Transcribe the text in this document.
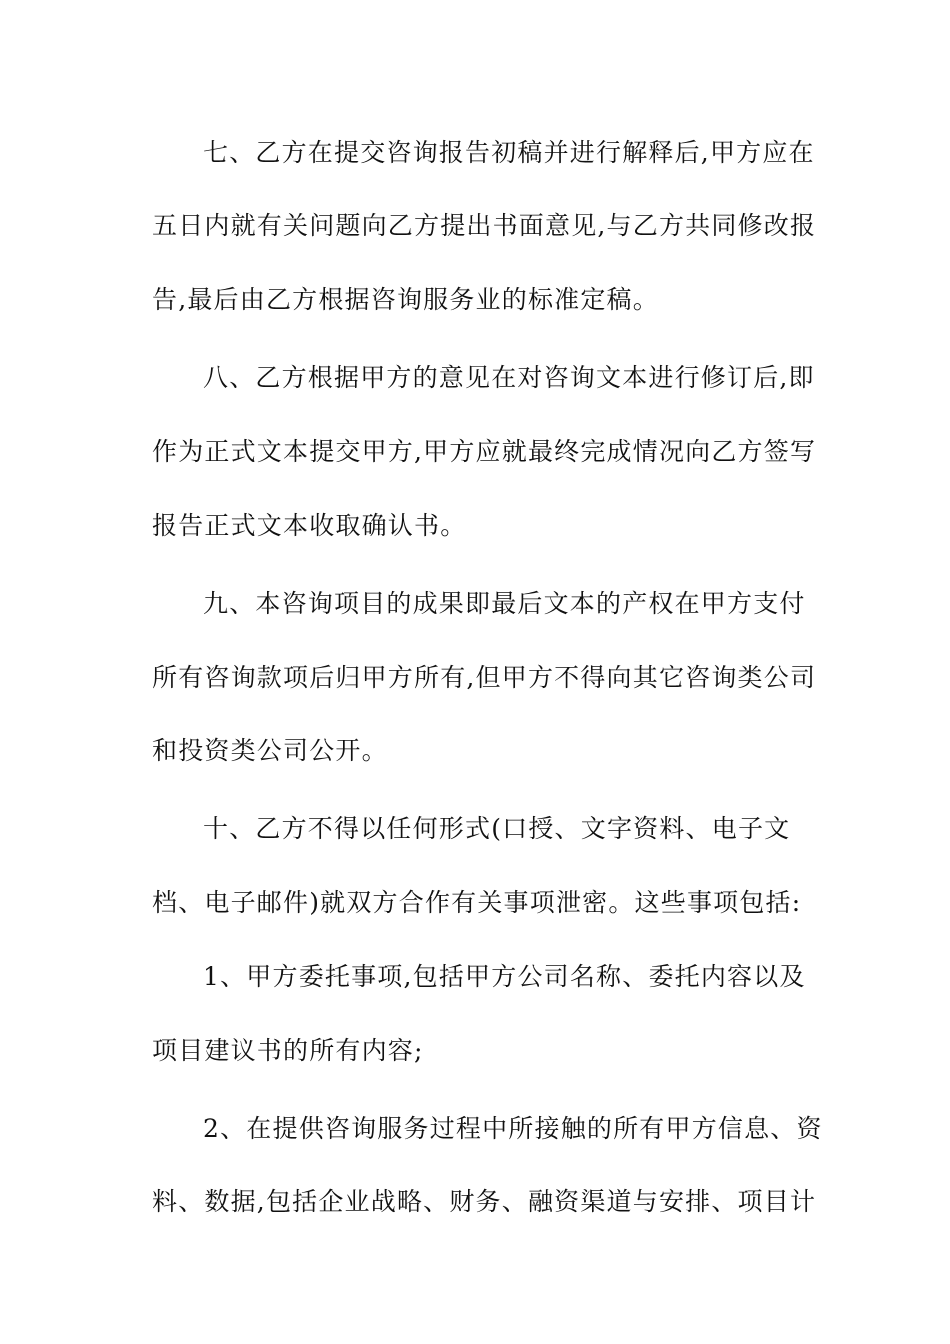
七、乙方在提交咨询报告初稿并进行解释后,甲方应在
五日内就有关问题向乙方提出书面意见,与乙方共同修改报
告,最后由乙方根据咨询服务业的标准定稿。
八、乙方根据甲方的意见在对咨询文本进行修订后,即
作为正式文本提交甲方,甲方应就最终完成情况向乙方签写
报告正式文本收取确认书。
九、本咨询项目的成果即最后文本的产权在甲方支付
所有咨询款项后归甲方所有,但甲方不得向其它咨询类公司
和投资类公司公开。
十、乙方不得以任何形式(口授、文字资料、电子文
档、电子邮件)就双方合作有关事项泄密。这些事项包括:
1、甲方委托事项,包括甲方公司名称、委托内容以及
项目建议书的所有内容;
2、在提供咨询服务过程中所接触的所有甲方信息、资
料、数据,包括企业战略、财务、融资渠道与安排、项目计
